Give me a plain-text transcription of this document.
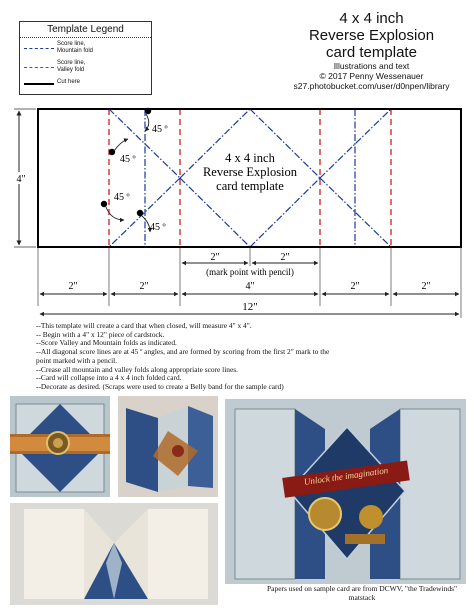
Template Legend
Score line,
Mountain fold
Score line,
Valley fold
Cut here
4 x 4 inch
Reverse Explosion
card template
Illustrations and text
© 2017 Penny Wessenauer
s27.photobucket.com/user/d0npen/library
45 º
45 º
45 º
45 º
4 x 4 inch
Reverse Explosion
card template
4"
2"	2"
(mark point with pencil)
2"	2"	4"	2"	2"
12"
--This template will create a card that when closed, will measure 4" x 4".
-- Begin with a 4" x 12" piece of cardstock.
--Score Valley and Mountain folds as indicated.
--All diagonal score lines are at 45 º angles, and are formed by scoring from the first 2" mark to the
point marked with a pencil.
--Crease all mountain and valley folds along appropriate score lines.
--Card will collapse into a 4 x 4 inch folded card.
--Decorate as desired. (Scraps were used to create a Belly band for the sample card)
Unlock the imagination
Papers used on sample card are from DCWV, "the Tradewinds" matstack
